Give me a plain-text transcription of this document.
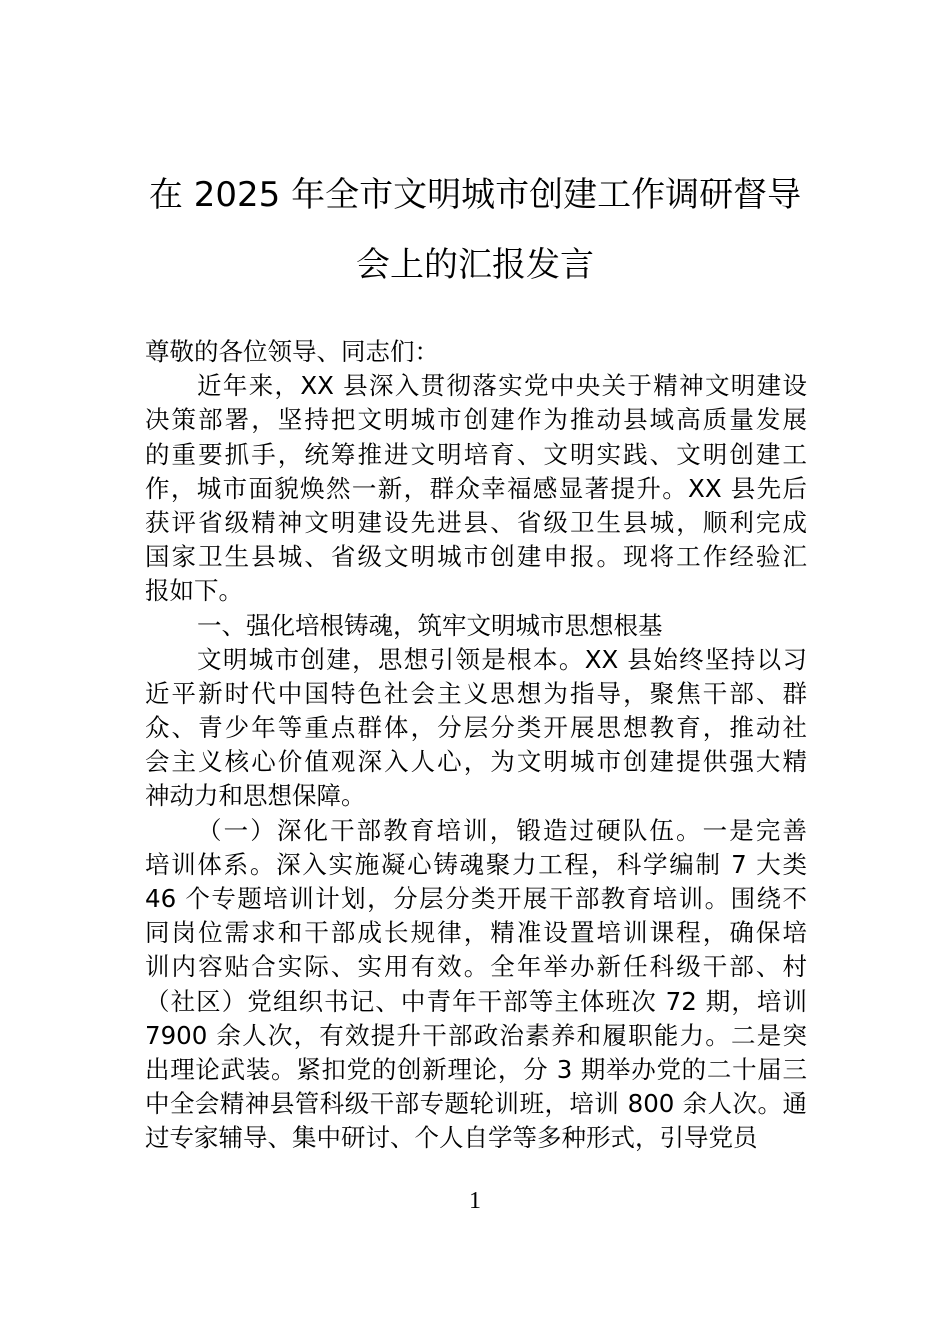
在 2025 年全市文明城市创建工作调研督导
会上的汇报发言
尊敬的各位领导、同志们：
近年来，XX 县深入贯彻落实党中央关于精神文明建设
决策部署，坚持把文明城市创建作为推动县域高质量发展
的重要抓手，统筹推进文明培育、文明实践、文明创建工
作，城市面貌焕然一新，群众幸福感显著提升。XX 县先后
获评省级精神文明建设先进县、省级卫生县城，顺利完成
国家卫生县城、省级文明城市创建申报。现将工作经验汇
报如下。
一、强化培根铸魂，筑牢文明城市思想根基
文明城市创建，思想引领是根本。XX 县始终坚持以习
近平新时代中国特色社会主义思想为指导，聚焦干部、群
众、青少年等重点群体，分层分类开展思想教育，推动社
会主义核心价值观深入人心，为文明城市创建提供强大精
神动力和思想保障。
（一）深化干部教育培训，锻造过硬队伍。一是完善
培训体系。深入实施凝心铸魂聚力工程，科学编制 7 大类
46 个专题培训计划，分层分类开展干部教育培训。围绕不
同岗位需求和干部成长规律，精准设置培训课程，确保培
训内容贴合实际、实用有效。全年举办新任科级干部、村
（社区）党组织书记、中青年干部等主体班次 72 期，培训
7900 余人次，有效提升干部政治素养和履职能力。二是突
出理论武装。紧扣党的创新理论，分 3 期举办党的二十届三
中全会精神县管科级干部专题轮训班，培训 800 余人次。通
过专家辅导、集中研讨、个人自学等多种形式，引导党员
1
